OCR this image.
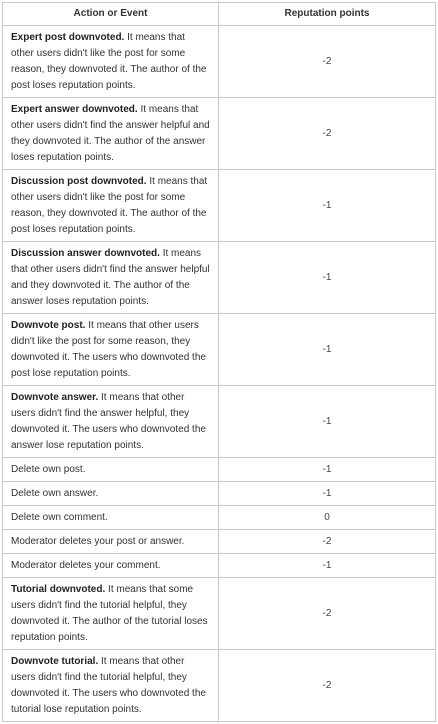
Action or Event	Reputation points
Expert post downvoted. It means that other users didn't like the post for some reason, they downvoted it. The author of the post loses reputation points.	-2
Expert answer downvoted. It means that other users didn't find the answer helpful and they downvoted it. The author of the answer loses reputation points.	-2
Discussion post downvoted. It means that other users didn't like the post for some reason, they downvoted it. The author of the post loses reputation points.	-1
Discussion answer downvoted. It means that other users didn't find the answer helpful and they downvoted it. The author of the answer loses reputation points.	-1
Downvote post. It means that other users didn't like the post for some reason, they downvoted it. The users who downvoted the post lose reputation points.	-1
Downvote answer. It means that other users didn't find the answer helpful, they downvoted it. The users who downvoted the answer lose reputation points.	-1
Delete own post.	-1
Delete own answer.	-1
Delete own comment.	0
Moderator deletes your post or answer.	-2
Moderator deletes your comment.	-1
Tutorial downvoted. It means that some users didn't find the tutorial helpful, they downvoted it. The author of the tutorial loses reputation points.	-2
Downvote tutorial. It means that other users didn't find the tutorial helpful, they downvoted it. The users who downvoted the tutorial lose reputation points.	-2
